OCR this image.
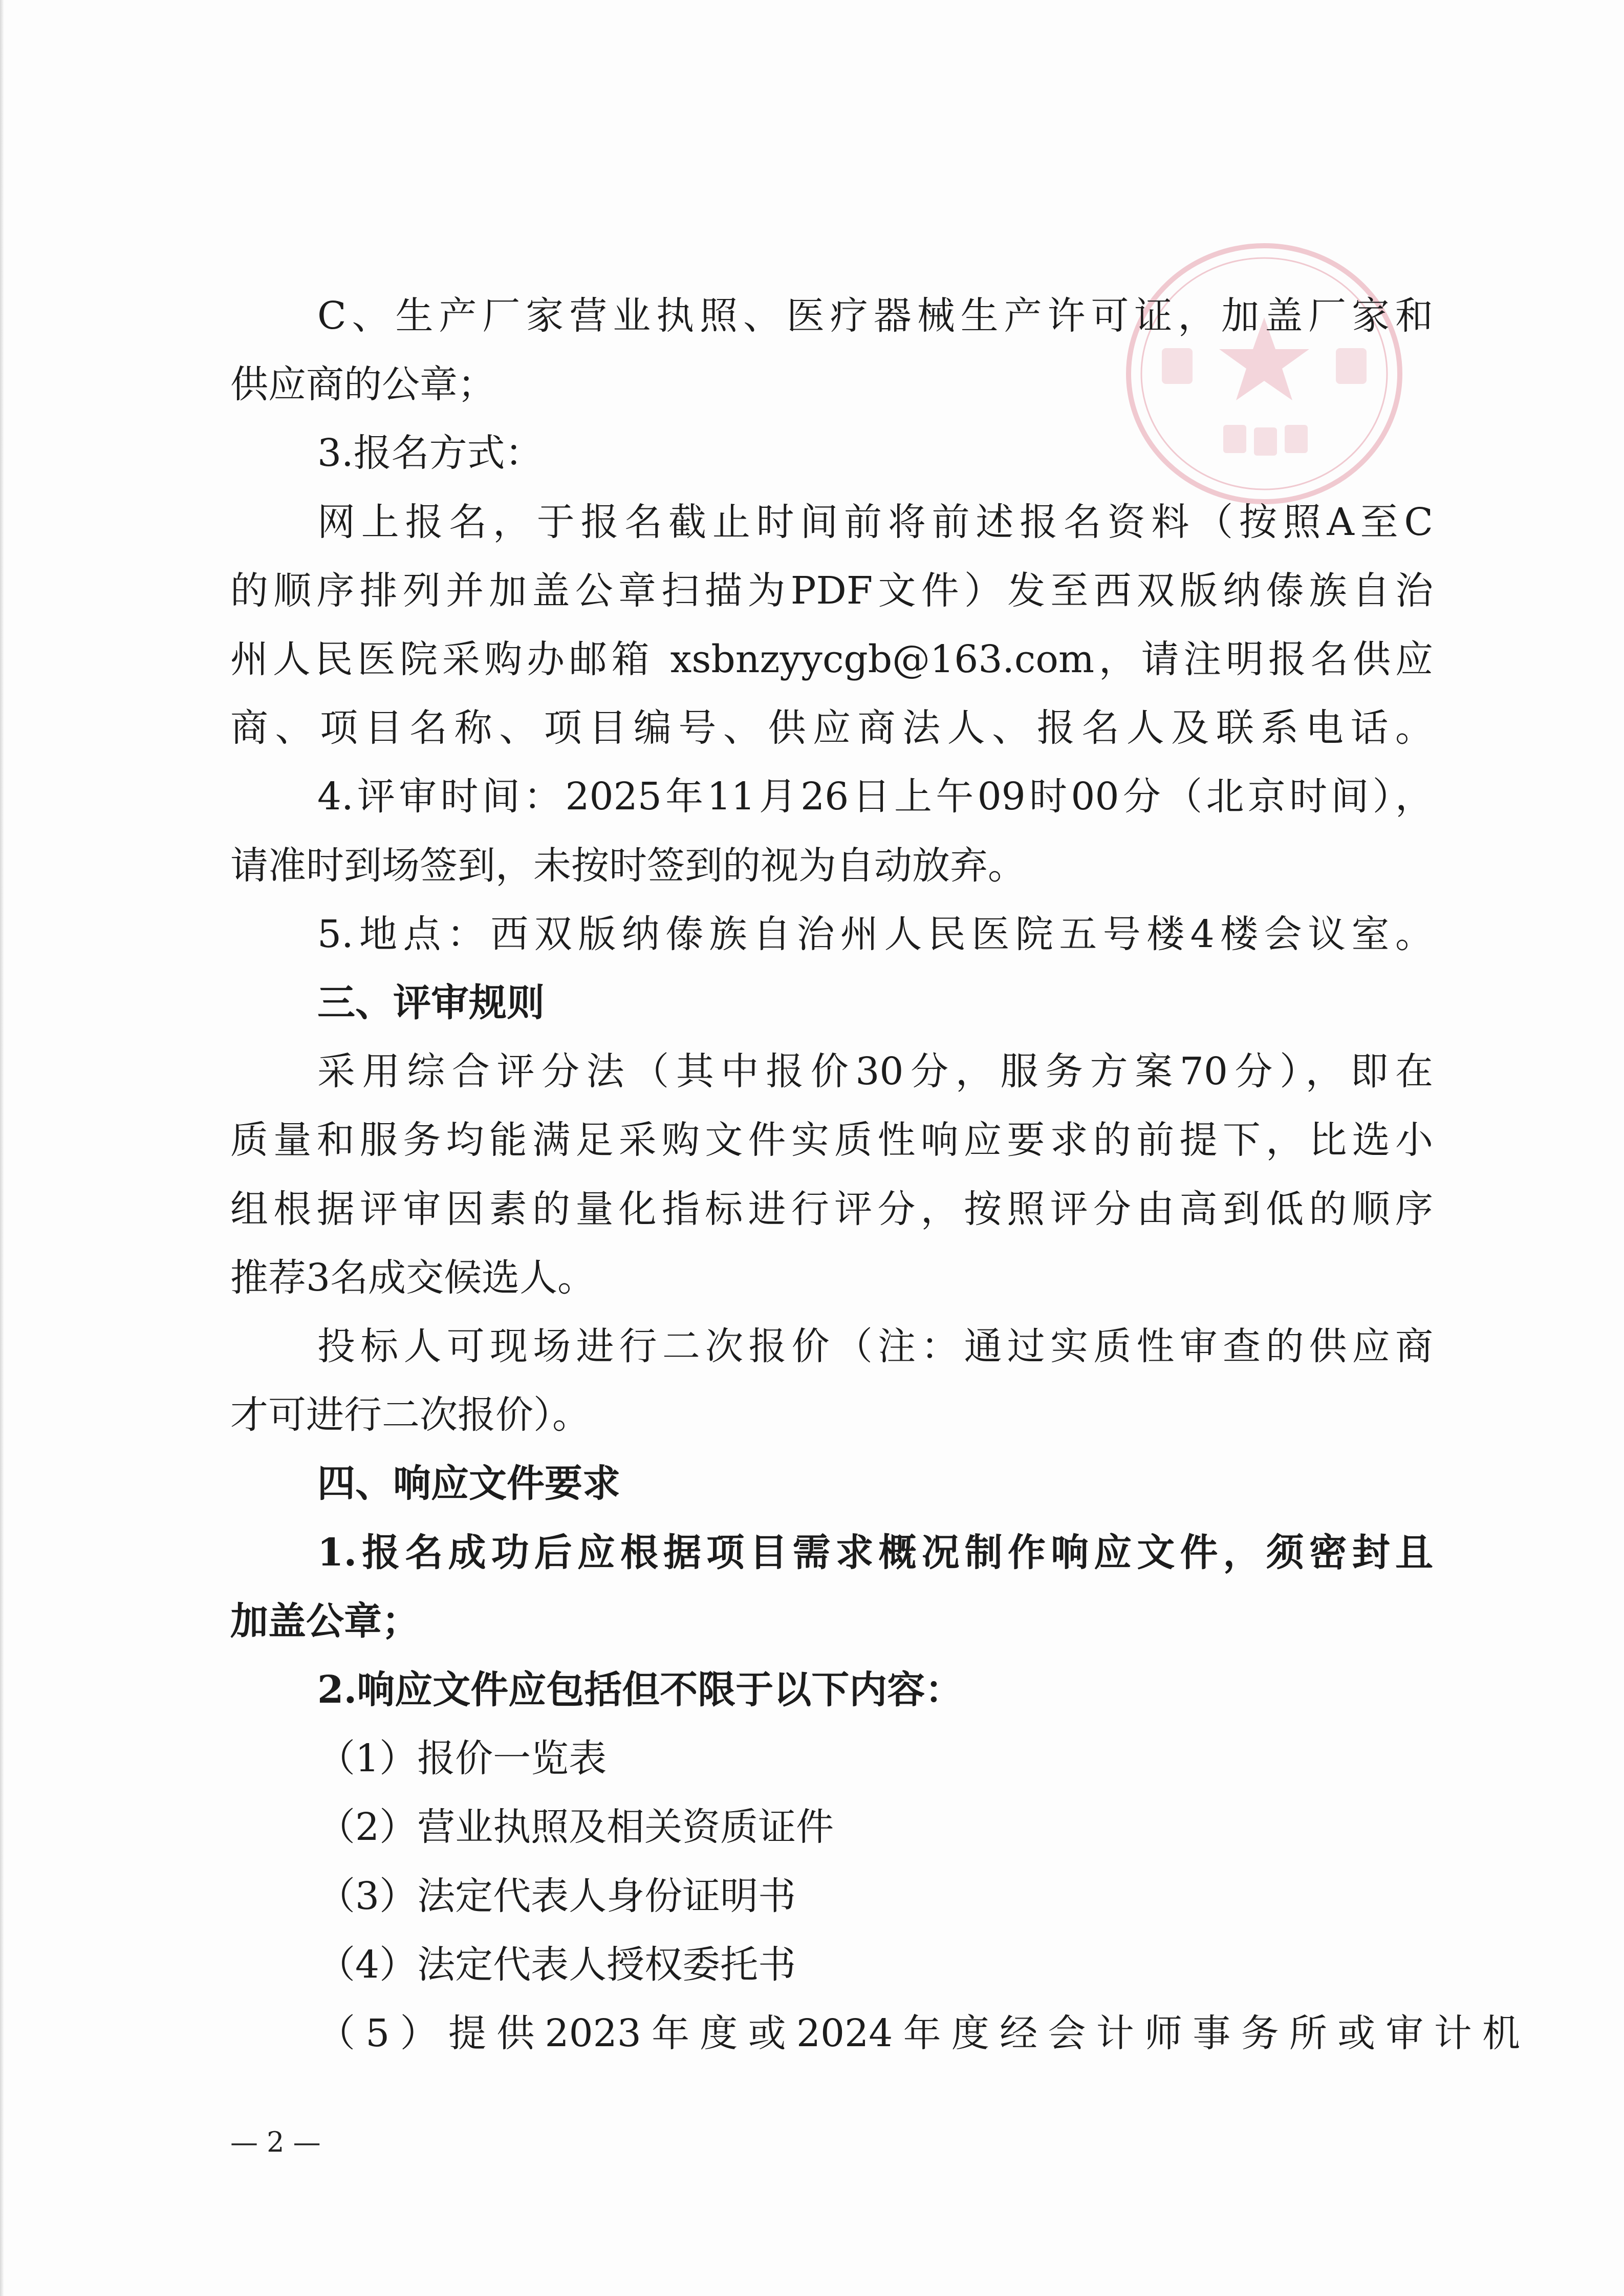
C、生产厂家营业执照、医疗器械生产许可证，加盖厂家和
供应商的公章；
3.报名方式：
网上报名，于报名截止时间前将前述报名资料（按照A至C
的顺序排列并加盖公章扫描为PDF文件）发至西双版纳傣族自治
州人民医院采购办邮箱 xsbnzyycgb@163.com，请注明报名供应
商、项目名称、项目编号、供应商法人、报名人及联系电话。
4.评审时间：2025年11月26日上午09时00分（北京时间），
请准时到场签到，未按时签到的视为自动放弃。
5.地点：西双版纳傣族自治州人民医院五号楼4楼会议室。
三、评审规则
采用综合评分法（其中报价30分，服务方案70分），即在
质量和服务均能满足采购文件实质性响应要求的前提下，比选小
组根据评审因素的量化指标进行评分，按照评分由高到低的顺序
推荐3名成交候选人。
投标人可现场进行二次报价（注：通过实质性审查的供应商
才可进行二次报价）。
四、响应文件要求
1.报名成功后应根据项目需求概况制作响应文件，须密封且
加盖公章；
2.响应文件应包括但不限于以下内容：
（1）报价一览表
（2）营业执照及相关资质证件
（3）法定代表人身份证明书
（4）法定代表人授权委托书
（5）提供2023年度或2024年度经会计师事务所或审计机
— 2 —
